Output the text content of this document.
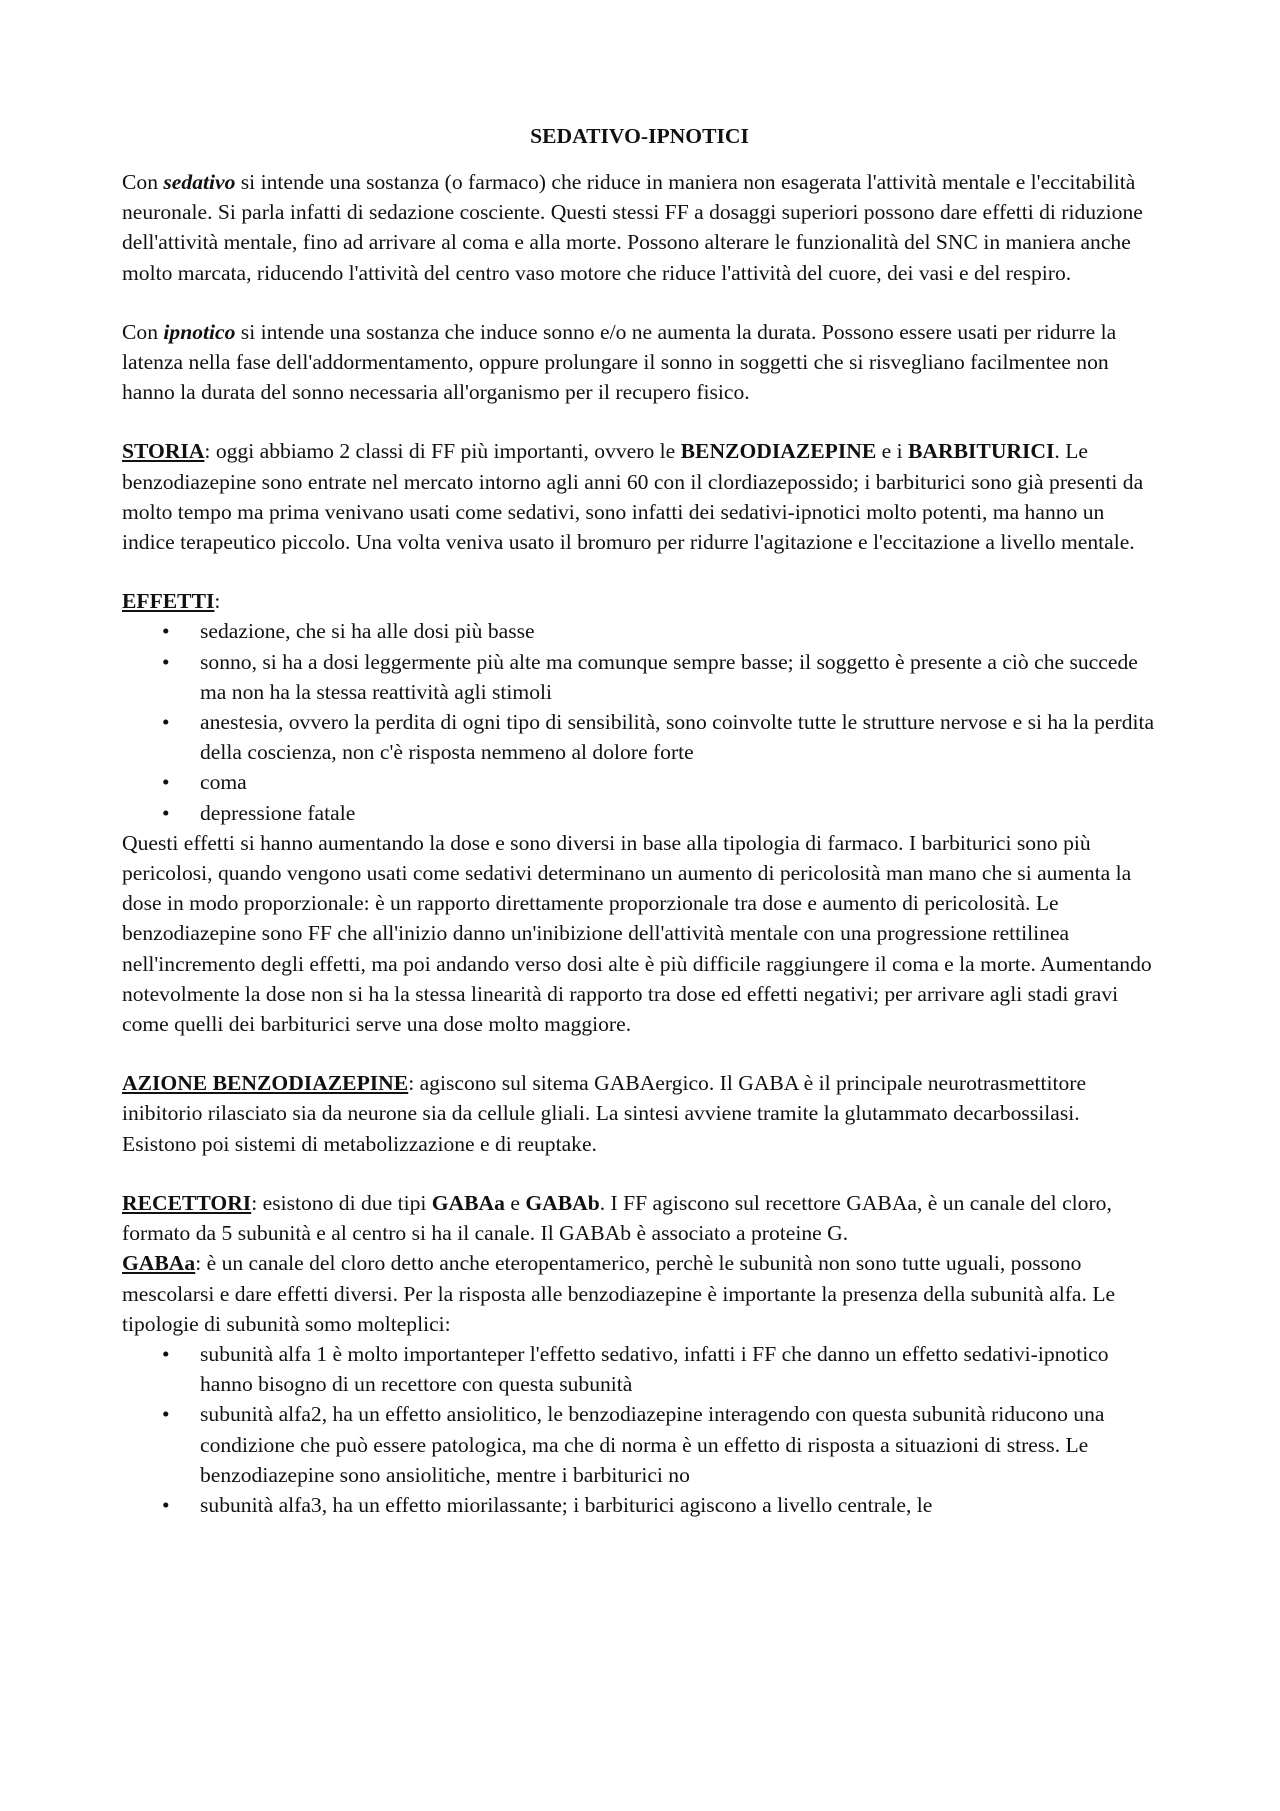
SEDATIVO-IPNOTICI

Con sedativo si intende una sostanza (o farmaco) che riduce in maniera non esagerata l'attività mentale e l'eccitabilità neuronale. Si parla infatti di sedazione cosciente. Questi stessi FF a dosaggi superiori possono dare effetti di riduzione dell'attività mentale, fino ad arrivare al coma e alla morte. Possono alterare le funzionalità del SNC in maniera anche molto marcata, riducendo l'attività del centro vaso motore che riduce l'attività del cuore, dei vasi e del respiro.

Con ipnotico si intende una sostanza che induce sonno e/o ne aumenta la durata. Possono essere usati per ridurre la latenza nella fase dell'addormentamento, oppure prolungare il sonno in soggetti che si risvegliano facilmentee non hanno la durata del sonno necessaria all'organismo per il recupero fisico.

STORIA: oggi abbiamo 2 classi di FF più importanti, ovvero le BENZODIAZEPINE e i BARBITURICI. Le benzodiazepine sono entrate nel mercato intorno agli anni 60 con il clordiazepossido; i barbiturici sono già presenti da molto tempo ma prima venivano usati come sedativi, sono infatti dei sedativi-ipnotici molto potenti, ma hanno un indice terapeutico piccolo. Una volta veniva usato il bromuro per ridurre l'agitazione e l'eccitazione a livello mentale.

EFFETTI:

• sedazione, che si ha alle dosi più basse
• sonno, si ha a dosi leggermente più alte ma comunque sempre basse; il soggetto è presente a ciò che succede ma non ha la stessa reattività agli stimoli
• anestesia, ovvero la perdita di ogni tipo di sensibilità, sono coinvolte tutte le strutture nervose e si ha la perdita della coscienza, non c'è risposta nemmeno al dolore forte
• coma
• depressione fatale

Questi effetti si hanno aumentando la dose e sono diversi in base alla tipologia di farmaco. I barbiturici sono più pericolosi, quando vengono usati come sedativi determinano un aumento di pericolosità man mano che si aumenta la dose in modo proporzionale: è un rapporto direttamente proporzionale tra dose e aumento di pericolosità. Le benzodiazepine sono FF che all'inizio danno un'inibizione dell'attività mentale con una progressione rettilinea nell'incremento degli effetti, ma poi andando verso dosi alte è più difficile raggiungere il coma e la morte. Aumentando notevolmente la dose non si ha la stessa linearità di rapporto tra dose ed effetti negativi; per arrivare agli stadi gravi come quelli dei barbiturici serve una dose molto maggiore.

AZIONE BENZODIAZEPINE: agiscono sul sitema GABAergico. Il GABA è il principale neurotrasmettitore inibitorio rilasciato sia da neurone sia da cellule gliali. La sintesi avviene tramite la glutammato decarbossilasi. Esistono poi sistemi di metabolizzazione e di reuptake.

RECETTORI: esistono di due tipi GABAa e GABAb. I FF agiscono sul recettore GABAa, è un canale del cloro, formato da 5 subunità e al centro si ha il canale. Il GABAb è associato a proteine G.

GABAa: è un canale del cloro detto anche eteropentamerico, perchè le subunità non sono tutte uguali, possono mescolarsi e dare effetti diversi. Per la risposta alle benzodiazepine è importante la presenza della subunità alfa. Le tipologie di subunità somo molteplici:

• subunità alfa 1 è molto importanteper l'effetto sedativo, infatti i FF che danno un effetto sedativi-ipnotico hanno bisogno di un recettore con questa subunità
• subunità alfa2, ha un effetto ansiolitico, le benzodiazepine interagendo con questa subunità riducono una condizione che può essere patologica, ma che di norma è un effetto di risposta a situazioni di stress. Le benzodiazepine sono ansiolitiche, mentre i barbiturici no
• subunità alfa3, ha un effetto miorilassante; i barbiturici agiscono a livello centrale, le
